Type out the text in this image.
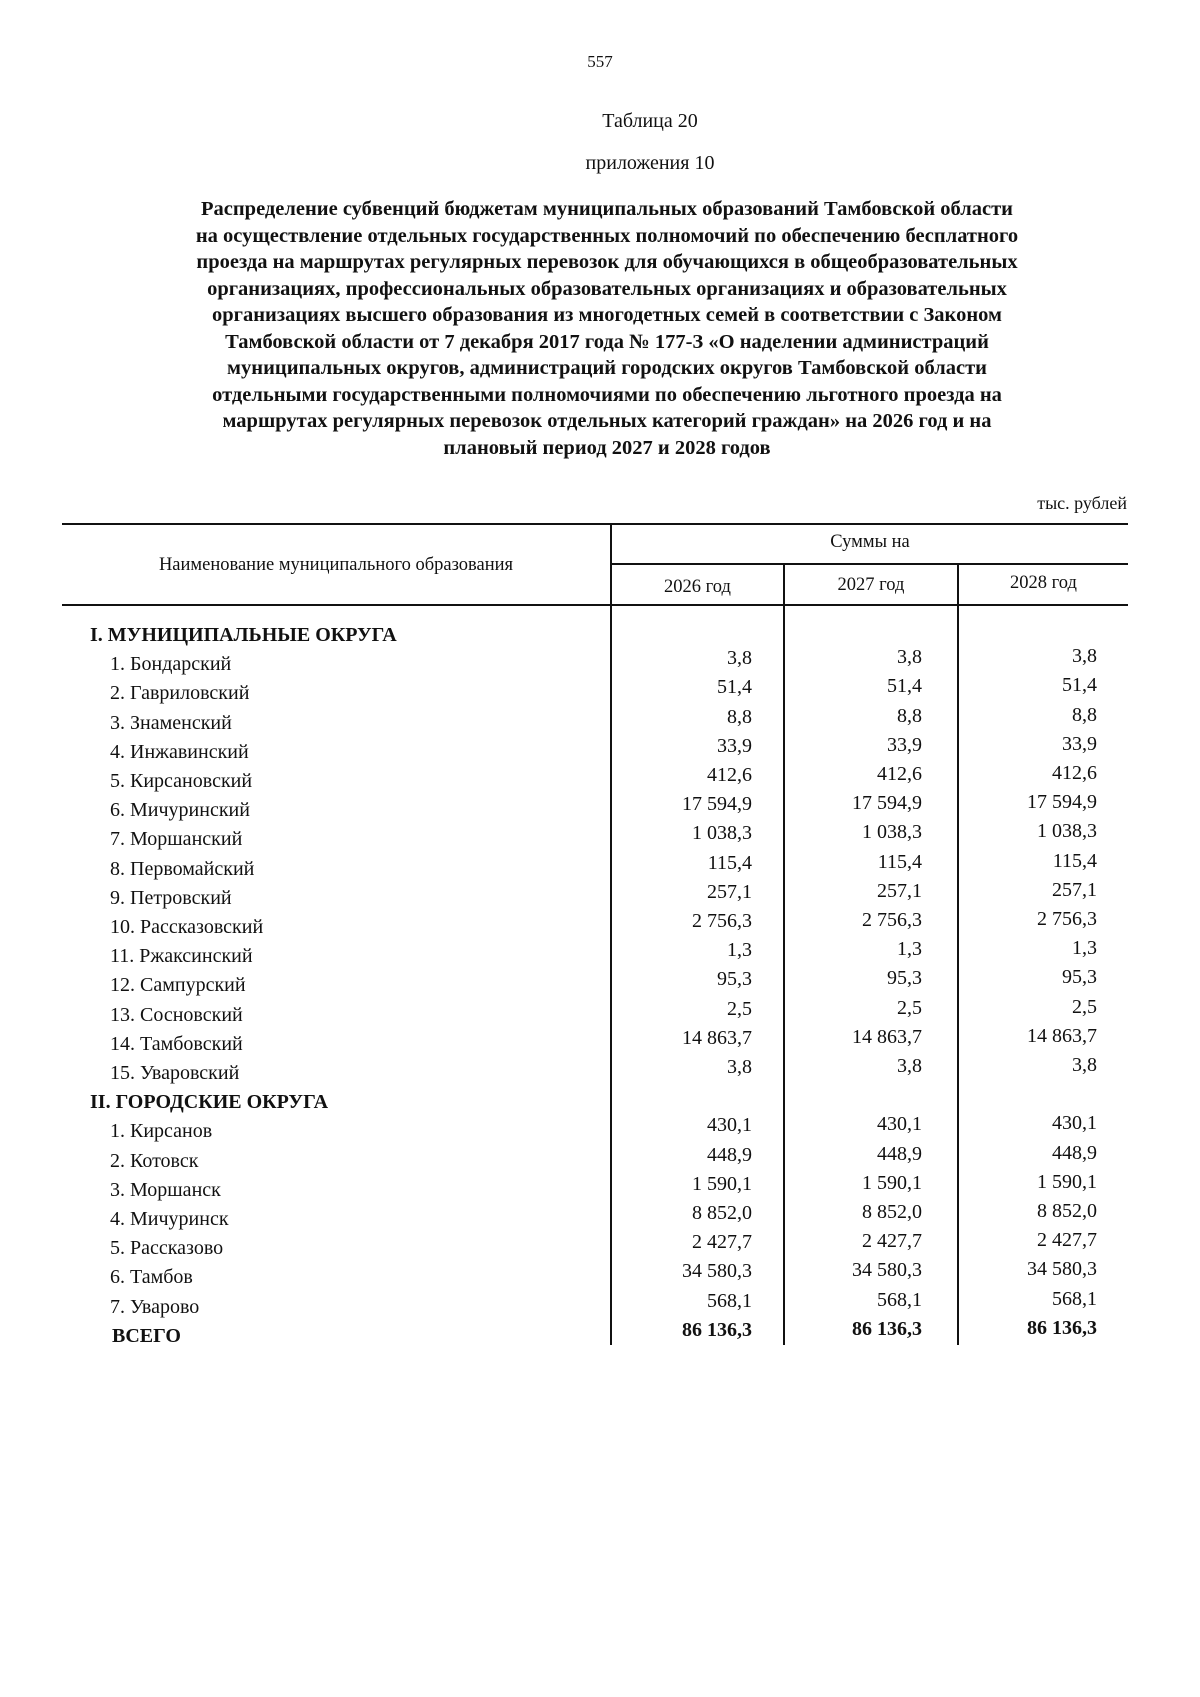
557
Таблица 20
приложения 10
Распределение субвенций бюджетам муниципальных образований Тамбовской области
на осуществление отдельных государственных полномочий по обеспечению бесплатного
проезда на маршрутах регулярных перевозок для обучающихся в общеобразовательных
организациях, профессиональных образовательных организациях и образовательных
организациях высшего образования из многодетных семей в соответствии с Законом
Тамбовской области от 7 декабря 2017 года № 177-З «О наделении администраций
муниципальных округов, администраций городских округов Тамбовской области
отдельными государственными полномочиями по обеспечению льготного проезда на
маршрутах регулярных перевозок отдельных категорий граждан» на 2026 год и на
плановый период 2027 и 2028 годов
тыс. рублей
Наименование муниципального образования
Суммы на
2026 год	2027 год	2028 год
I. МУНИЦИПАЛЬНЫЕ ОКРУГА
1. Бондарский	3,8	3,8	3,8
2. Гавриловский	51,4	51,4	51,4
3. Знаменский	8,8	8,8	8,8
4. Инжавинский	33,9	33,9	33,9
5. Кирсановский	412,6	412,6	412,6
6. Мичуринский	17 594,9	17 594,9	17 594,9
7. Моршанский	1 038,3	1 038,3	1 038,3
8. Первомайский	115,4	115,4	115,4
9. Петровский	257,1	257,1	257,1
10. Рассказовский	2 756,3	2 756,3	2 756,3
11. Ржаксинский	1,3	1,3	1,3
12. Сампурский	95,3	95,3	95,3
13. Сосновский	2,5	2,5	2,5
14. Тамбовский	14 863,7	14 863,7	14 863,7
15. Уваровский	3,8	3,8	3,8
II. ГОРОДСКИЕ ОКРУГА
1. Кирсанов	430,1	430,1	430,1
2. Котовск	448,9	448,9	448,9
3. Моршанск	1 590,1	1 590,1	1 590,1
4. Мичуринск	8 852,0	8 852,0	8 852,0
5. Рассказово	2 427,7	2 427,7	2 427,7
6. Тамбов	34 580,3	34 580,3	34 580,3
7. Уварово	568,1	568,1	568,1
ВСЕГО	86 136,3	86 136,3	86 136,3
